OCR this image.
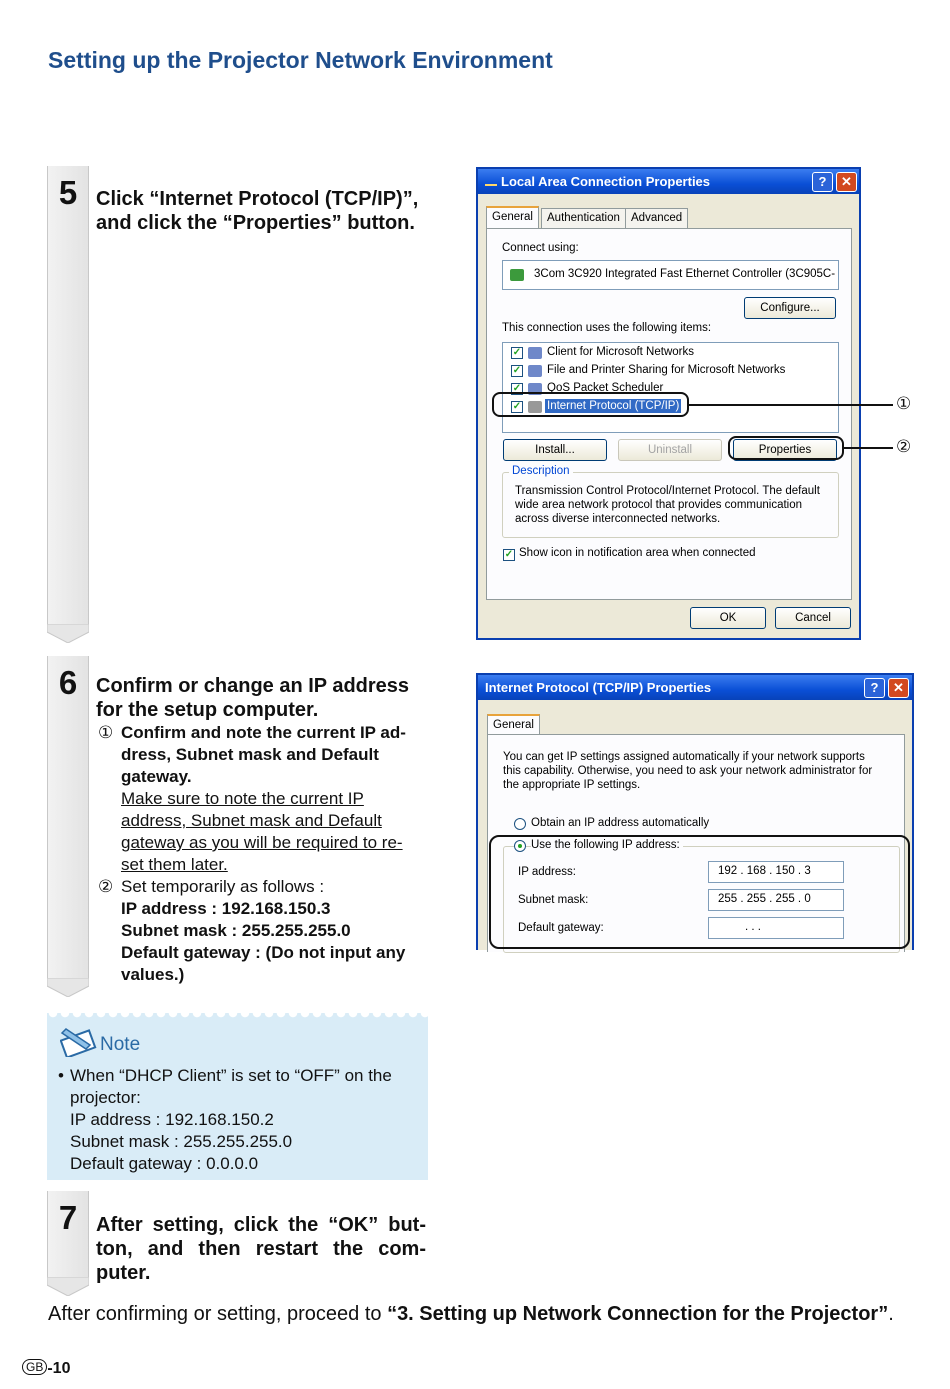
Setting up the Projector Network Environment
5 Click “Internet Protocol (TCP/IP)”,
and click the “Properties” button.
Local Area Connection Properties	?	✕
General	Authentication Advanced
Connect using:
3Com 3C920 Integrated Fast Ethernet Controller (3C905C-
Configure...
This connection uses the following items:
✓ Client for Microsoft Networks
✓ File and Printer Sharing for Microsoft Networks
✓ QoS Packet Scheduler
✓ Internet Protocol (TCP/IP)
Install...	Uninstall	Properties
Description
Transmission Control Protocol/Internet Protocol. The default
wide area network protocol that provides communication
across diverse interconnected networks.
✓ Show icon in notification area when connected
OK	Cancel
①
②
6 Confirm or change an IP address
for the setup computer.
① Confirm and note the current IP ad-
dress, Subnet mask and Default
gateway.
Make sure to note the current IP
address, Subnet mask and Default
gateway as you will be required to re-
set them later.
② Set temporarily as follows :
IP address : 192.168.150.3
Subnet mask : 255.255.255.0
Default gateway : (Do not input any
values.)
Internet Protocol (TCP/IP) Properties	?	✕
General
You can get IP settings assigned automatically if your network supports
this capability. Otherwise, you need to ask your network administrator for
the appropriate IP settings.
Obtain an IP address automatically
Use the following IP address:
IP address:	192 . 168 . 150 . 3
Subnet mask:	255 . 255 . 255 . 0
Default gateway:	. . .
Note
• When “DHCP Client” is set to “OFF” on the
projector:
IP address : 192.168.150.2
Subnet mask : 255.255.255.0
Default gateway : 0.0.0.0
7 After setting, click the “OK” but-
ton, and then restart the com-
puter.
After confirming or setting, proceed to “3. Setting up Network Connection for the Projector”.
GB -10
